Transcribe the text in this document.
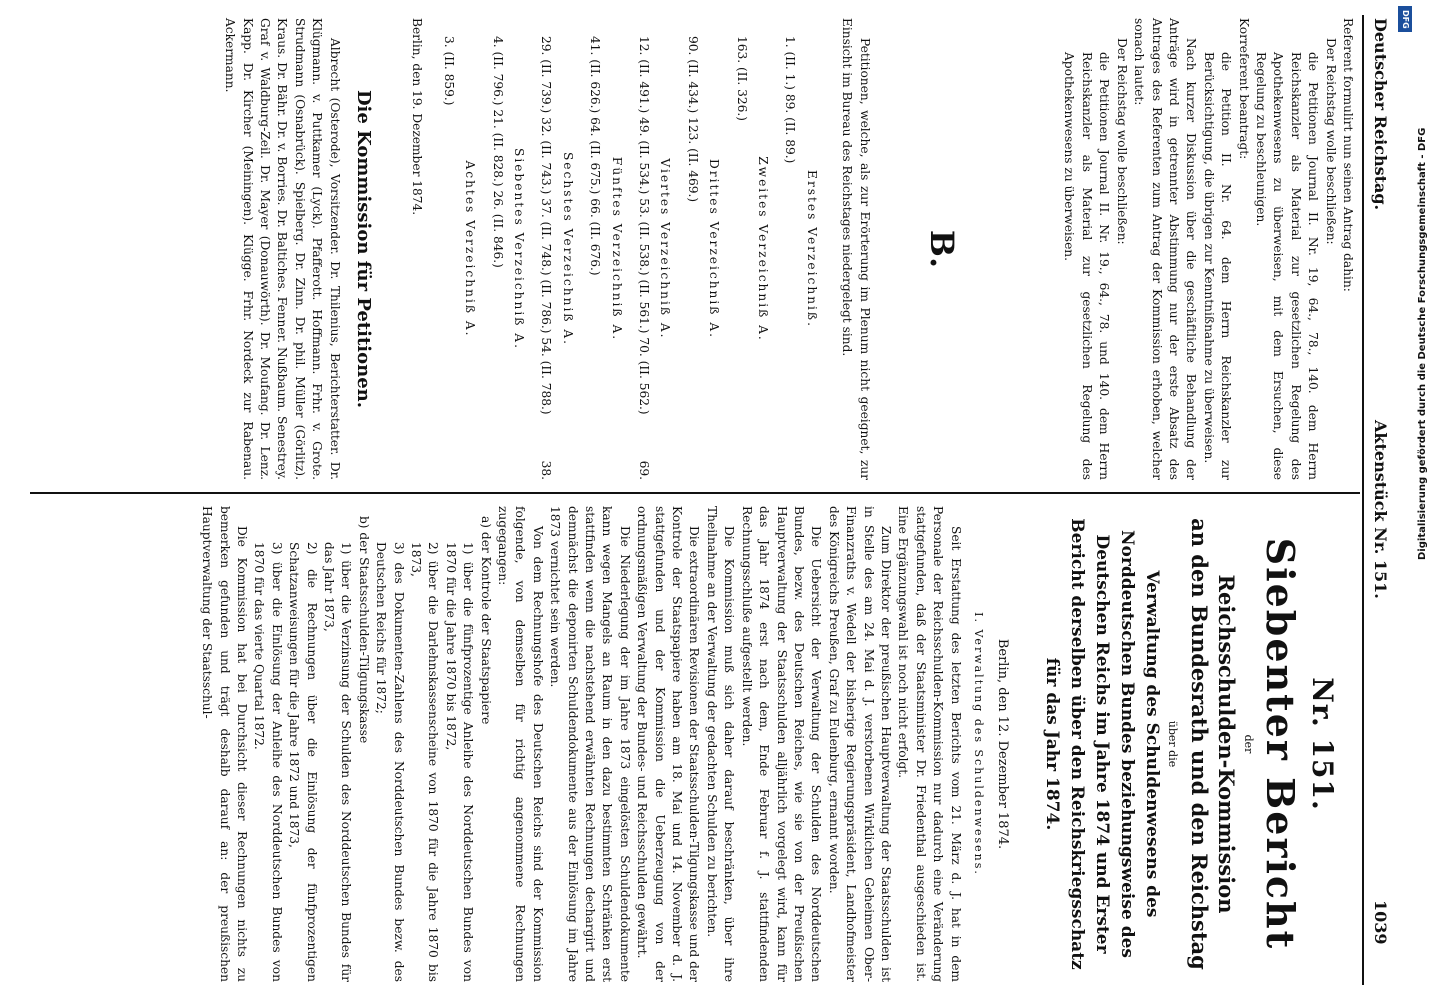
Deutscher Reichstag.
Aktenstück Nr. 151.
1039

Referent formulirt nun seinen Antrag dahin:

Der Reichstag wolle beschließen:

die Petitionen Journal II. Nr. 19, 64., 78., 140. dem Herrn Reichskanzler als Material zur gesetzlichen Regelung des Apothekenwesens zu überweisen, mit dem Ersuchen, diese Regelung zu beschleunigen.

Korreferent beantragt:

die Petition II. Nr. 64. dem Herrn Reichskanzler zur Berücksichtigung, die übrigen zur Kenntnißnahme zu überweisen.

Nach kurzer Diskussion über die geschäftliche Behandlung der Anträge wird in getrennter Abstimmung nur der erste Absatz des Antrages des Referenten zum Antrag der Kommission erhoben, welcher sonach lautet:

Der Reichstag wolle beschließen:

die Petitionen Journal II. Nr. 19., 64., 78. und 140. dem Herrn Reichskanzler als Material zur gesetzlichen Regelung des Apothekenwesens zu überweisen.

B.

Petitionen, welche, als zur Erörterung im Plenum nicht geeignet, zur Einsicht im Bureau des Reichstages niedergelegt sind.

Erstes Verzeichniß.
1. (II. 1.) 89. (II. 89.)
Zweites Verzeichniß A.
163. (II. 326.)
Drittes Verzeichniß A.
90. (II. 434.) 123. (II. 469.)
Viertes Verzeichniß A.
12. (II. 491.) 49. (II. 534.) 53. (II. 538.) (II. 561.) 70. (II. 562.)
69.
Fünftes Verzeichniß A.
41. (II. 626.) 64. (II. 675.) 66. (II. 676.)
Sechstes Verzeichniß A.
29. (II. 739.) 32. (II. 743.) 37. (II. 748.) (II. 786.) 54. (II. 788.)
38.
Siebentes Verzeichniß A.
4. (II. 796.) 21. (II. 828.) 26. (II. 846.)
Achtes Verzeichniß A.
3. (II. 859.)

Berlin, den 19. Dezember 1874.

Die Kommission für Petitionen.

Albrecht (Osterode), Vorsitzender. Dr. Thilenius, Berichterstatter. Dr. Klügmann. v. Puttkamer (Lyck). Pfafferott. Hoffmann. Frhr. v. Grote. Strudmann (Osnabrück). Spielberg. Dr. Zinn. Dr. phil. Müller (Görlitz). Kraus. Dr. Bähr. Dr. v. Borries. Dr. Baltiches. Fenner. Nußbaum. Senestrey. Graf v. Waldburg-Zeil. Dr. Mayer (Donauwörth). Dr. Moufang. Dr. Lenz. Kapp. Dr. Kircher (Meiningen). Klügge. Frhr. Nordeck zur Rabenau. Ackermann.

Nr. 151.
Siebenter Bericht
der
Reichsschulden-Kommission
an den Bundesrath und den Reichstag
über die
Verwaltung des Schuldenwesens des Norddeutschen Bundes beziehungsweise des Deutschen Reichs im Jahre 1874 und Erster Bericht derselben über den Reichskriegsschatz für das Jahr 1874.
Berlin, den 12. Dezember 1874.
I. Verwaltung des Schuldenwesens.

Seit Erstattung des letzten Berichts vom 21. März d. J. hat in dem Personale der Reichsschulden-Kommission nur dadurch eine Veränderung stattgefunden, daß der Staatsminister Dr. Friedenthal ausgeschieden ist. Eine Ergänzungswahl ist noch nicht erfolgt.

Zum Direktor der preußischen Hauptverwaltung der Staatsschulden ist in Stelle des am 24. Mai d. J. verstorbenen Wirklichen Geheimen Ober-Finanzraths v. Wedell der bisherige Regierungspräsident, Landhofmeister des Königreichs Preußen, Graf zu Eulenburg, ernannt worden.

Die Uebersicht der Verwaltung der Schulden des Norddeutschen Bundes, bezw. des Deutschen Reiches, wie sie von der Preußischen Hauptverwaltung der Staatsschulden alljährlich vorgelegt wird, kann für das Jahr 1874 erst nach dem, Ende Februar f. J. stattfindenden Rechnungsschluße aufgestellt werden.

Die Kommission muß sich daher darauf beschränken, über ihre Theilnahme an der Verwaltung der gedachten Schulden zu berichten.

Die extraordinären Revisionen der Staatsschulden-Tilgungskasse und der Kontrole der Staatspapiere haben am 18. Mai und 14. November d. J. stattgefunden und der Kommission die Ueberzeugung von der ordnungsmäßigen Verwaltung der Bundes- und Reichsschulden gewährt.

Die Niederlegung der im Jahre 1873 eingelösten Schuldendokumente kann wegen Mangels an Raum in den dazu bestimmten Schränken erst stattfinden wenn die nachstehend erwähnten Rechnungen dechargirt und demnächst die deponirten Schuldendokumente aus der Einlösung im Jahre 1873 vernichtet sein werden.

Von dem Rechnungshofe des Deutschen Reichs sind der Kommission folgende, von demselben für richtig angenommene Rechnungen zugegangen:

a) der Kontrole der Staatspapiere

1) über die fünfprozentige Anleihe des Norddeutschen Bundes von 1870 für die Jahre 1870 bis 1872,

2) über die Darlehnskassenscheine von 1870 für die Jahre 1870 bis 1873,

3) des Dokumenten-Zahlens des Norddeutschen Bundes bezw. des Deutschen Reichs für 1872;

b) der Staatsschulden-Tilgungskasse

1) über die Verzinsung der Schulden des Norddeutschen Bundes für das Jahr 1873,

2) die Rechnungen über die Einlösung der fünfprozentigen Schatzanweisungen für die Jahre 1872 und 1873,

3) über die Einlösung der Anleihe des Norddeutschen Bundes von 1870 für das vierte Quartal 1872.

Die Kommission hat bei Durchsicht dieser Rechnungen nichts zu bemerken gefunden und trägt deshalb darauf an: der preußischen Hauptverwaltung der Staatsschul-

DFG
Digitalisierung gefördert durch die Deutsche Forschungsgemeinschaft - DFG
